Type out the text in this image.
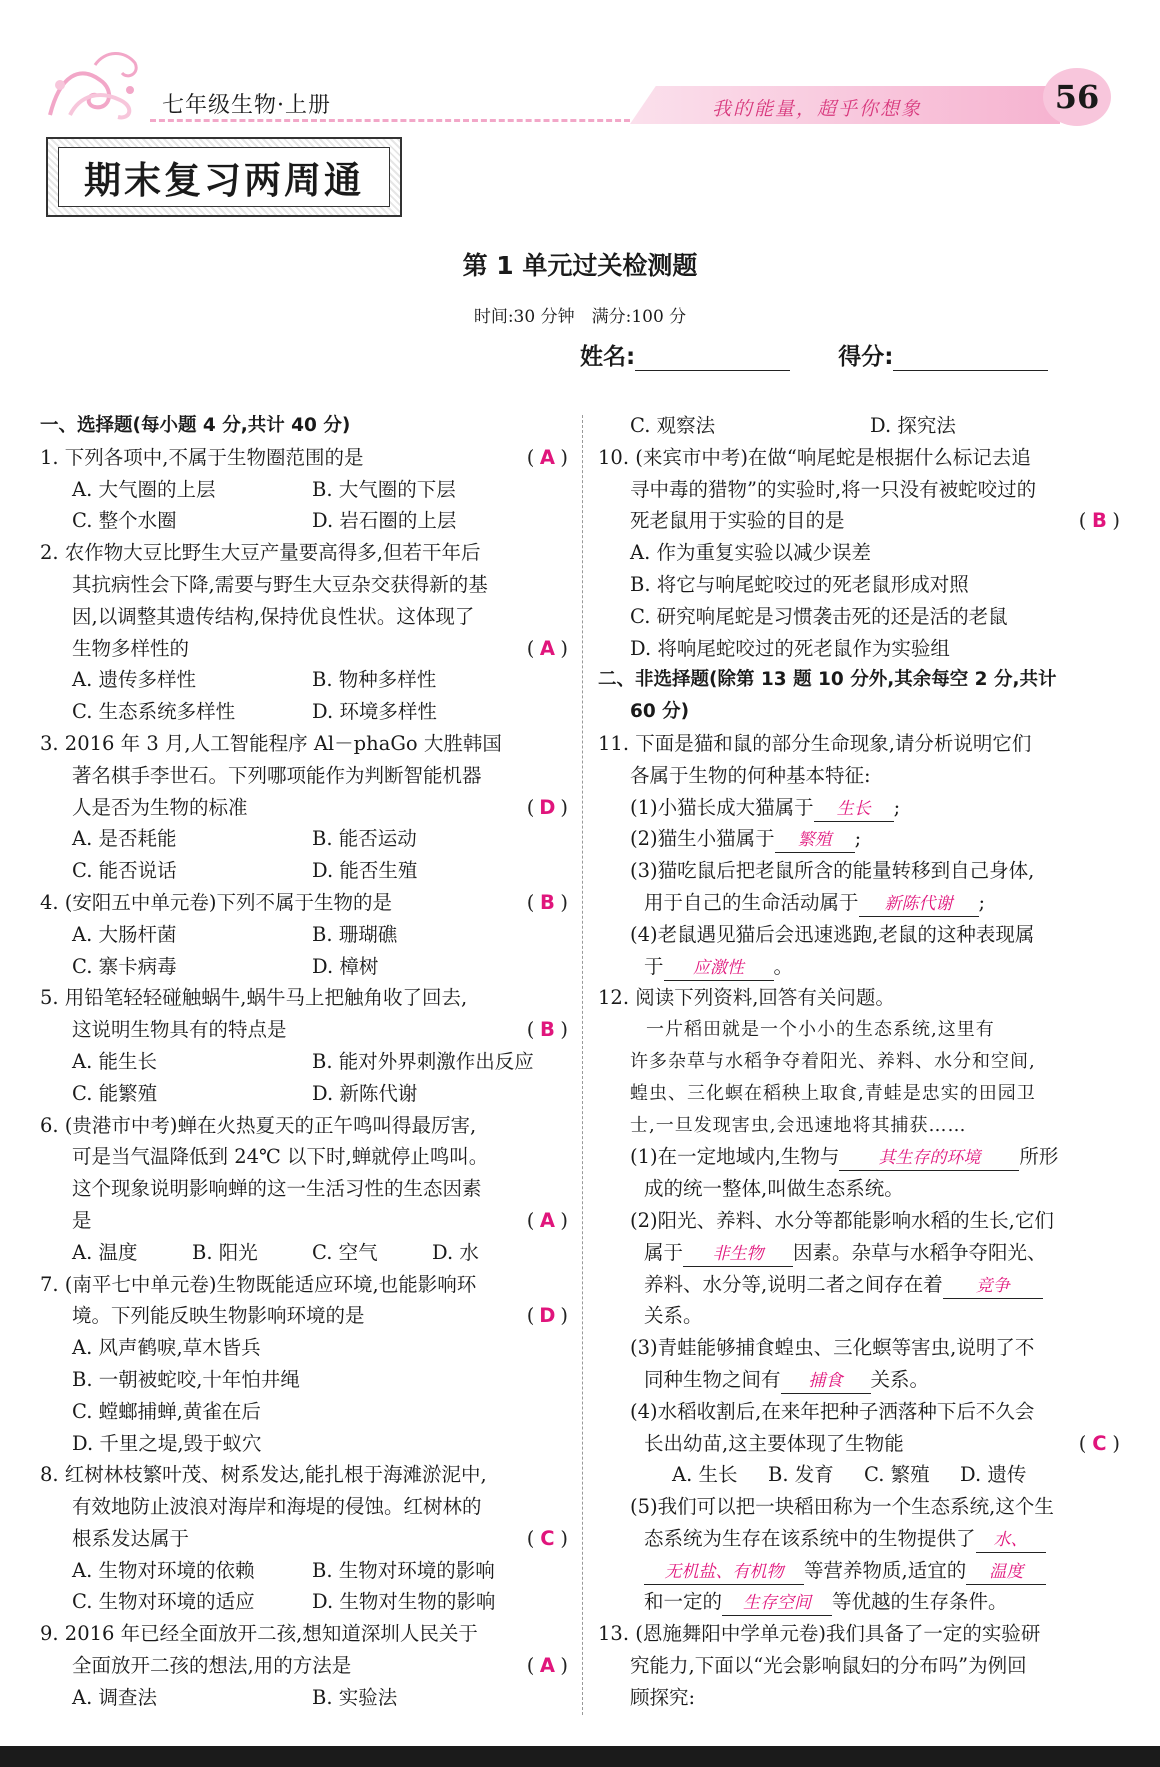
七年级生物·上册	我的能量，超乎你想象	56
期末复习两周通
第 1 单元过关检测题
时间:30 分钟　满分:100 分
姓名:	得分:
一、选择题(每小题 4 分,共计 40 分)
1. 下列各项中,不属于生物圈范围的是	( A )
A. 大气圈的上层	B. 大气圈的下层
C. 整个水圈	D. 岩石圈的上层
2. 农作物大豆比野生大豆产量要高得多,但若干年后
其抗病性会下降,需要与野生大豆杂交获得新的基
因,以调整其遗传结构,保持优良性状。这体现了
生物多样性的	( A )
A. 遗传多样性	B. 物种多样性
C. 生态系统多样性	D. 环境多样性
3. 2016 年 3 月,人工智能程序 Al－phaGo 大胜韩国
著名棋手李世石。下列哪项能作为判断智能机器
人是否为生物的标准	( D )
A. 是否耗能	B. 能否运动
C. 能否说话	D. 能否生殖
4. (安阳五中单元卷)下列不属于生物的是	( B )
A. 大肠杆菌	B. 珊瑚礁
C. 寨卡病毒	D. 樟树
5. 用铅笔轻轻碰触蜗牛,蜗牛马上把触角收了回去,
这说明生物具有的特点是	( B )
A. 能生长	B. 能对外界刺激作出反应
C. 能繁殖	D. 新陈代谢
6. (贵港市中考)蝉在火热夏天的正午鸣叫得最厉害,
可是当气温降低到 24℃ 以下时,蝉就停止鸣叫。
这个现象说明影响蝉的这一生活习性的生态因素
是	( A )
A. 温度	B. 阳光	C. 空气	D. 水
7. (南平七中单元卷)生物既能适应环境,也能影响环
境。下列能反映生物影响环境的是	( D )
A. 风声鹤唳,草木皆兵
B. 一朝被蛇咬,十年怕井绳
C. 螳螂捕蝉,黄雀在后
D. 千里之堤,毁于蚁穴
8. 红树林枝繁叶茂、树系发达,能扎根于海滩淤泥中,
有效地防止波浪对海岸和海堤的侵蚀。红树林的
根系发达属于	( C )
A. 生物对环境的依赖	B. 生物对环境的影响
C. 生物对环境的适应	D. 生物对生物的影响
9. 2016 年已经全面放开二孩,想知道深圳人民关于
全面放开二孩的想法,用的方法是	( A )
A. 调查法	B. 实验法
C. 观察法	D. 探究法
10. (来宾市中考)在做“响尾蛇是根据什么标记去追
寻中毒的猎物”的实验时,将一只没有被蛇咬过的
死老鼠用于实验的目的是	( B )
A. 作为重复实验以减少误差
B. 将它与响尾蛇咬过的死老鼠形成对照
C. 研究响尾蛇是习惯袭击死的还是活的老鼠
D. 将响尾蛇咬过的死老鼠作为实验组
二、非选择题(除第 13 题 10 分外,其余每空 2 分,共计
60 分)
11. 下面是猫和鼠的部分生命现象,请分析说明它们
各属于生物的何种基本特征:
(1)小猫长成大猫属于 生长 ;
(2)猫生小猫属于 繁殖 ;
(3)猫吃鼠后把老鼠所含的能量转移到自己身体,
用于自己的生命活动属于 新陈代谢 ;
(4)老鼠遇见猫后会迅速逃跑,老鼠的这种表现属
于 应激性 。
12. 阅读下列资料,回答有关问题。
一片稻田就是一个小小的生态系统,这里有
许多杂草与水稻争夺着阳光、养料、水分和空间,
蝗虫、三化螟在稻秧上取食,青蛙是忠实的田园卫
士,一旦发现害虫,会迅速地将其捕获……
(1)在一定地域内,生物与 其生存的环境 所形
成的统一整体,叫做生态系统。
(2)阳光、养料、水分等都能影响水稻的生长,它们
属于 非生物 因素。杂草与水稻争夺阳光、
养料、水分等,说明二者之间存在着 竞争
关系。
(3)青蛙能够捕食蝗虫、三化螟等害虫,说明了不
同种生物之间有 捕食 关系。
(4)水稻收割后,在来年把种子洒落种下后不久会
长出幼苗,这主要体现了生物能	( C )
A. 生长 B. 发育 C. 繁殖 D. 遗传
(5)我们可以把一块稻田称为一个生态系统,这个生
态系统为生存在该系统中的生物提供了 水、
无机盐、有机物 等营养物质,适宜的 温度
和一定的 生存空间 等优越的生存条件。
13. (恩施舞阳中学单元卷)我们具备了一定的实验研
究能力,下面以“光会影响鼠妇的分布吗”为例回
顾探究:
